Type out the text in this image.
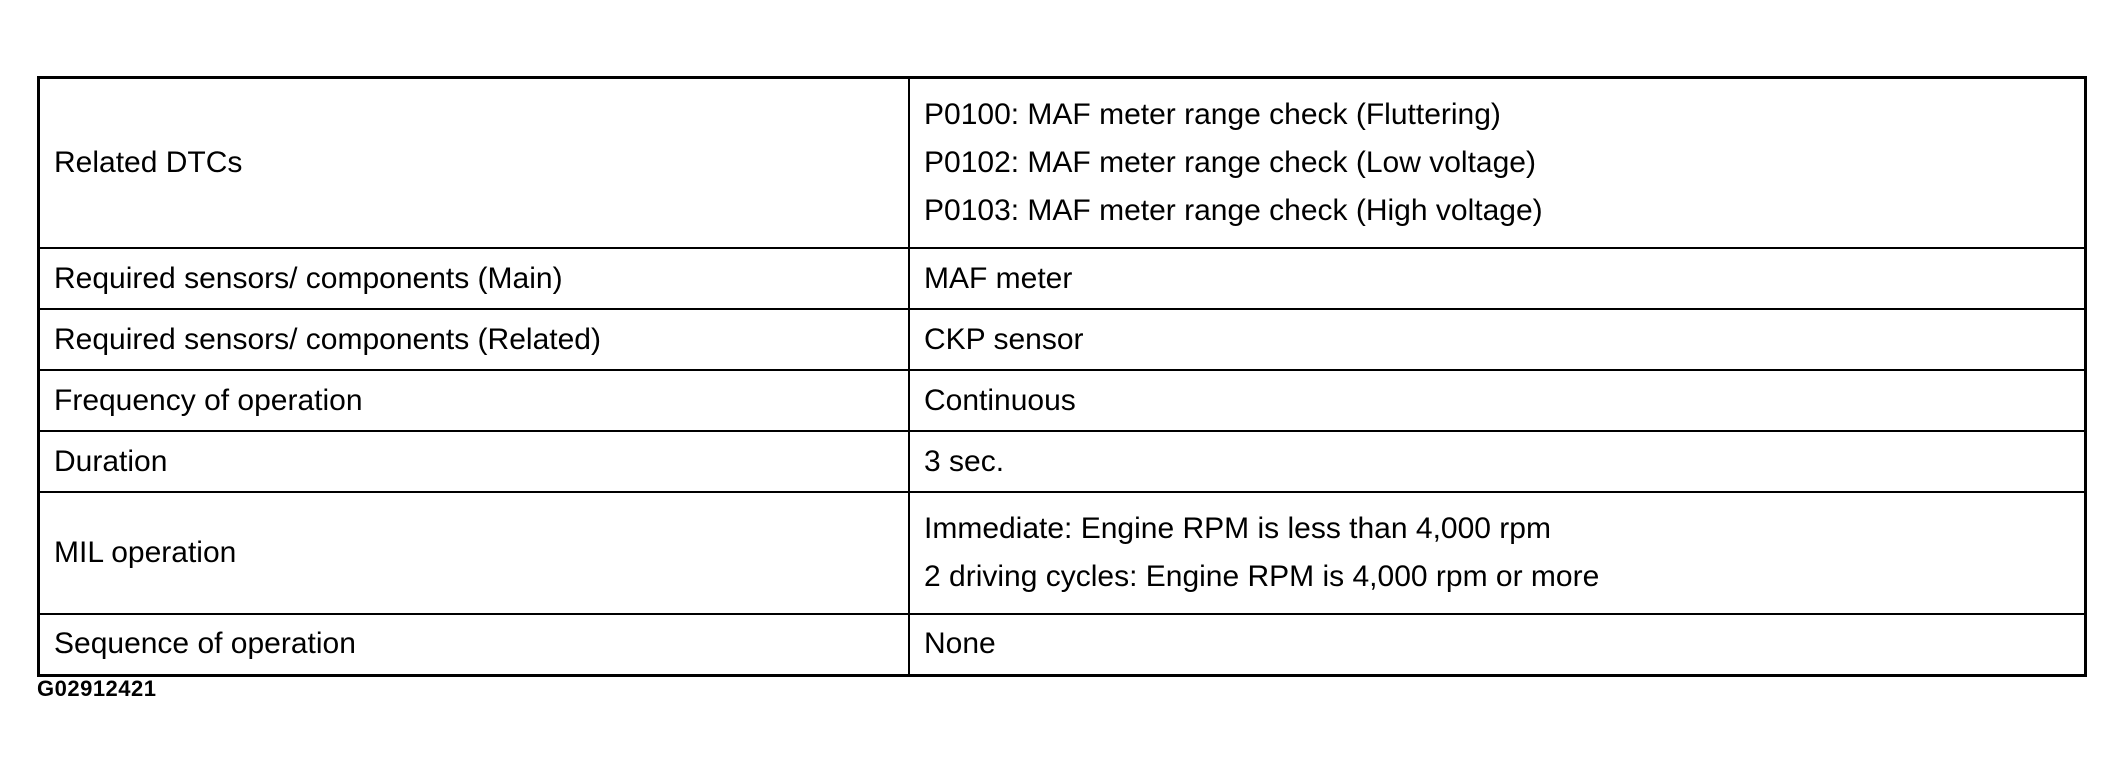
Related DTCs	P0100: MAF meter range check (Fluttering)
P0102: MAF meter range check (Low voltage)
P0103: MAF meter range check (High voltage)

Required sensors/ components (Main)	MAF meter

Required sensors/ components (Related)	CKP sensor

Frequency of operation	Continuous

Duration	3 sec.

MIL operation	Immediate: Engine RPM is less than 4,000 rpm
2 driving cycles: Engine RPM is 4,000 rpm or more

Sequence of operation	None
G02912421
